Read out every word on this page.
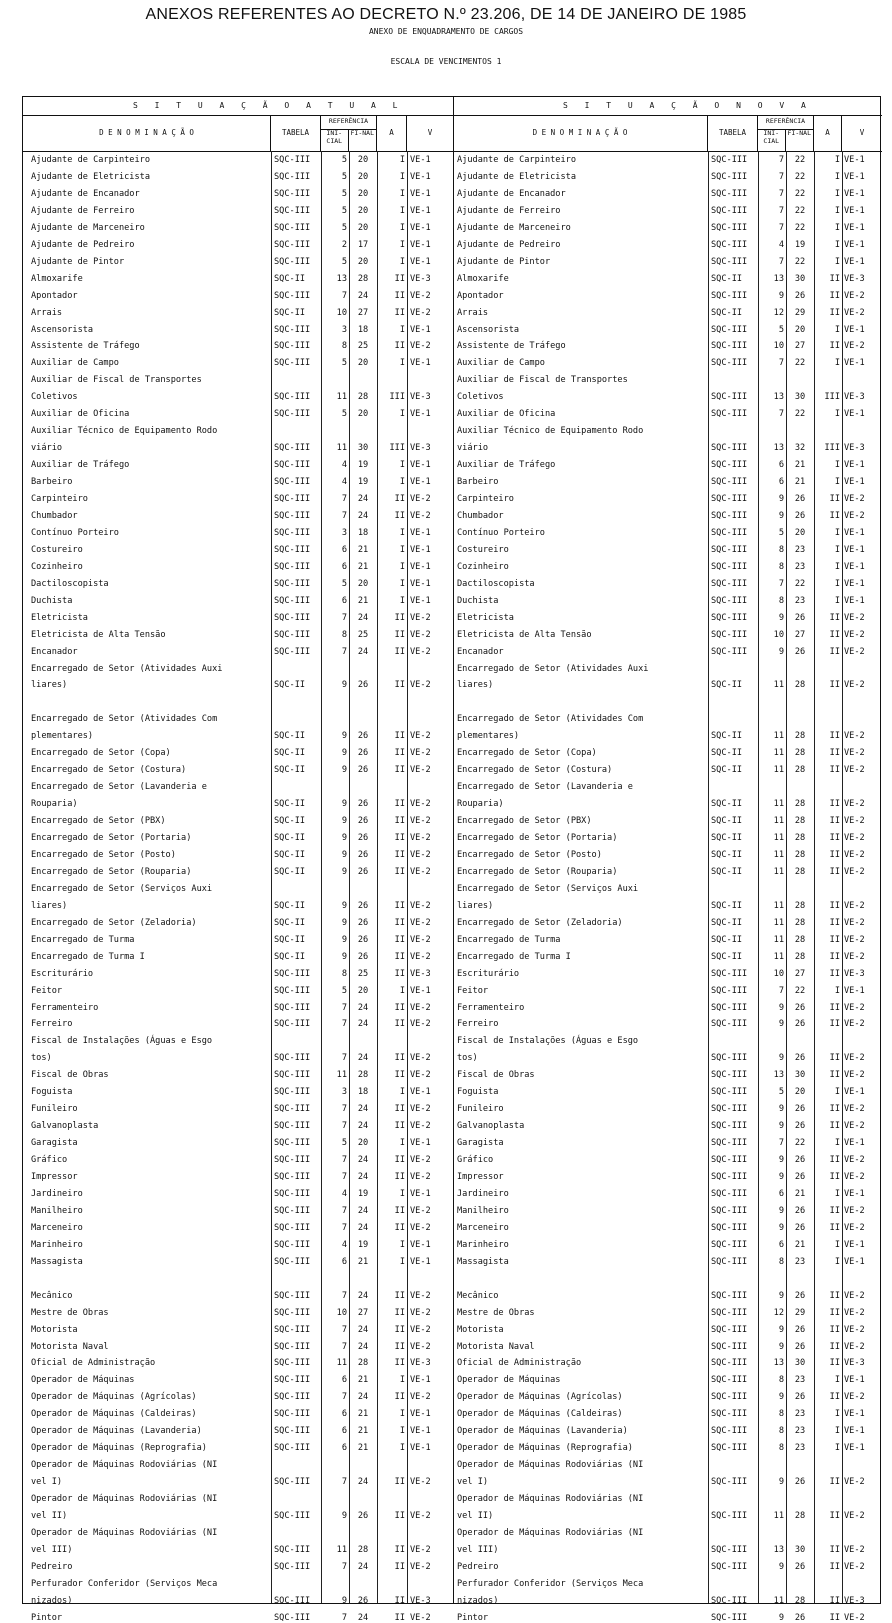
ANEXOS REFERENTES AO DECRETO N.º 23.206, DE 14 DE JANEIRO DE 1985
ANEXO DE ENQUADRAMENTO DE CARGOS
ESCALA DE VENCIMENTOS 1
S I T U A Ç Ã O A T U A L
D E N O M I N A Ç Ã O	TABELA
REFERÊNCIA
INI-CIAL
FI-NAL	A	V
Ajudante de Carpinteiro	SQC-III	5	20	I VE-1
Ajudante de Eletricista	SQC-III	5	20	I VE-1
Ajudante de Encanador	SQC-III	5	20	I VE-1
Ajudante de Ferreiro	SQC-III	5	20	I VE-1
Ajudante de Marceneiro	SQC-III	5	20	I VE-1
Ajudante de Pedreiro	SQC-III	2	17	I VE-1
Ajudante de Pintor	SQC-III	5	20	I VE-1
Almoxarife	SQC-II	13	28	II VE-3
Apontador	SQC-III	7	24	II VE-2
Arrais	SQC-II	10	27	II VE-2
Ascensorista	SQC-III	3	18	I VE-1
Assistente de Tráfego	SQC-III	8	25	II VE-2
Auxiliar de Campo	SQC-III	5	20	I VE-1
Auxiliar de Fiscal de Transportes
Coletivos	SQC-III	11	28	III VE-3
Auxiliar de Oficina	SQC-III	5	20	I VE-1
Auxiliar Técnico de Equipamento Rodo
viário	SQC-III	11	30	III VE-3
Auxiliar de Tráfego	SQC-III	4	19	I VE-1
Barbeiro	SQC-III	4	19	I VE-1
Carpinteiro	SQC-III	7	24	II VE-2
Chumbador	SQC-III	7	24	II VE-2
Contínuo Porteiro	SQC-III	3	18	I VE-1
Costureiro	SQC-III	6	21	I VE-1
Cozinheiro	SQC-III	6	21	I VE-1
Dactiloscopista	SQC-III	5	20	I VE-1
Duchista	SQC-III	6	21	I VE-1
Eletricista	SQC-III	7	24	II VE-2
Eletricista de Alta Tensão	SQC-III	8	25	II VE-2
Encanador	SQC-III	7	24	II VE-2
Encarregado de Setor (Atividades Auxi
liares)	SQC-II	9	26	II VE-2
Encarregado de Setor (Atividades Com
plementares)	SQC-II	9	26	II VE-2
Encarregado de Setor (Copa)	SQC-II	9	26	II VE-2
Encarregado de Setor (Costura)	SQC-II	9	26	II VE-2
Encarregado de Setor (Lavanderia e
Rouparia)	SQC-II	9	26	II VE-2
Encarregado de Setor (PBX)	SQC-II	9	26	II VE-2
Encarregado de Setor (Portaria)	SQC-II	9	26	II VE-2
Encarregado de Setor (Posto)	SQC-II	9	26	II VE-2
Encarregado de Setor (Rouparia)	SQC-II	9	26	II VE-2
Encarregado de Setor (Serviços Auxi
liares)	SQC-II	9	26	II VE-2
Encarregado de Setor (Zeladoria)	SQC-II	9	26	II VE-2
Encarregado de Turma	SQC-II	9	26	II VE-2
Encarregado de Turma I	SQC-II	9	26	II VE-2
Escriturário	SQC-III	8	25	II VE-3
Feitor	SQC-III	5	20	I VE-1
Ferramenteiro	SQC-III	7	24	II VE-2
Ferreiro	SQC-III	7	24	II VE-2
Fiscal de Instalações (Águas e Esgo
tos)	SQC-III	7	24	II VE-2
Fiscal de Obras	SQC-III	11	28	II VE-2
Foguista	SQC-III	3	18	I VE-1
Funileiro	SQC-III	7	24	II VE-2
Galvanoplasta	SQC-III	7	24	II VE-2
Garagista	SQC-III	5	20	I VE-1
Gráfico	SQC-III	7	24	II VE-2
Impressor	SQC-III	7	24	II VE-2
Jardineiro	SQC-III	4	19	I VE-1
Manilheiro	SQC-III	7	24	II VE-2
Marceneiro	SQC-III	7	24	II VE-2
Marinheiro	SQC-III	4	19	I VE-1
Massagista	SQC-III	6	21	I VE-1
Mecânico	SQC-III	7	24	II VE-2
Mestre de Obras	SQC-III	10	27	II VE-2
Motorista	SQC-III	7	24	II VE-2
Motorista Naval	SQC-III	7	24	II VE-2
Oficial de Administração	SQC-III	11	28	II VE-3
Operador de Máquinas	SQC-III	6	21	I VE-1
Operador de Máquinas (Agrícolas)	SQC-III	7	24	II VE-2
Operador de Máquinas (Caldeiras)	SQC-III	6	21	I VE-1
Operador de Máquinas (Lavanderia)	SQC-III	6	21	I VE-1
Operador de Máquinas (Reprografia)	SQC-III	6	21	I VE-1
Operador de Máquinas Rodoviárias (NI
vel I)	SQC-III	7	24	II VE-2
Operador de Máquinas Rodoviárias (NI
vel II)	SQC-III	9	26	II VE-2
Operador de Máquinas Rodoviárias (NI
vel III)	SQC-III	11	28	II VE-2
Pedreiro	SQC-III	7	24	II VE-2
Perfurador Conferidor (Serviços Meca
nizados)	SQC-III	9	26	II VE-3
Pintor	SQC-III	7	24	II VE-2
S I T U A Ç Ã O N O V A
D E N O M I N A Ç Ã O	TABELA
REFERÊNCIA
INI-CIAL
FI-NAL	A	V
Ajudante de Carpinteiro	SQC-III	7	22	I VE-1
Ajudante de Eletricista	SQC-III	7	22	I VE-1
Ajudante de Encanador	SQC-III	7	22	I VE-1
Ajudante de Ferreiro	SQC-III	7	22	I VE-1
Ajudante de Marceneiro	SQC-III	7	22	I VE-1
Ajudante de Pedreiro	SQC-III	4	19	I VE-1
Ajudante de Pintor	SQC-III	7	22	I VE-1
Almoxarife	SQC-II	13	30	II VE-3
Apontador	SQC-III	9	26	II VE-2
Arrais	SQC-II	12	29	II VE-2
Ascensorista	SQC-III	5	20	I VE-1
Assistente de Tráfego	SQC-III	10	27	II VE-2
Auxiliar de Campo	SQC-III	7	22	I VE-1
Auxiliar de Fiscal de Transportes
Coletivos	SQC-III	13	30	III VE-3
Auxiliar de Oficina	SQC-III	7	22	I VE-1
Auxiliar Técnico de Equipamento Rodo
viário	SQC-III	13	32	III VE-3
Auxiliar de Tráfego	SQC-III	6	21	I VE-1
Barbeiro	SQC-III	6	21	I VE-1
Carpinteiro	SQC-III	9	26	II VE-2
Chumbador	SQC-III	9	26	II VE-2
Contínuo Porteiro	SQC-III	5	20	I VE-1
Costureiro	SQC-III	8	23	I VE-1
Cozinheiro	SQC-III	8	23	I VE-1
Dactiloscopista	SQC-III	7	22	I VE-1
Duchista	SQC-III	8	23	I VE-1
Eletricista	SQC-III	9	26	II VE-2
Eletricista de Alta Tensão	SQC-III	10	27	II VE-2
Encanador	SQC-III	9	26	II VE-2
Encarregado de Setor (Atividades Auxi
liares)	SQC-II	11	28	II VE-2
Encarregado de Setor (Atividades Com
plementares)	SQC-II	11	28	II VE-2
Encarregado de Setor (Copa)	SQC-II	11	28	II VE-2
Encarregado de Setor (Costura)	SQC-II	11	28	II VE-2
Encarregado de Setor (Lavanderia e
Rouparia)	SQC-II	11	28	II VE-2
Encarregado de Setor (PBX)	SQC-II	11	28	II VE-2
Encarregado de Setor (Portaria)	SQC-II	11	28	II VE-2
Encarregado de Setor (Posto)	SQC-II	11	28	II VE-2
Encarregado de Setor (Rouparia)	SQC-II	11	28	II VE-2
Encarregado de Setor (Serviços Auxi
liares)	SQC-II	11	28	II VE-2
Encarregado de Setor (Zeladoria)	SQC-II	11	28	II VE-2
Encarregado de Turma	SQC-II	11	28	II VE-2
Encarregado de Turma I	SQC-II	11	28	II VE-2
Escriturário	SQC-III	10	27	II VE-3
Feitor	SQC-III	7	22	I VE-1
Ferramenteiro	SQC-III	9	26	II VE-2
Ferreiro	SQC-III	9	26	II VE-2
Fiscal de Instalações (Águas e Esgo
tos)	SQC-III	9	26	II VE-2
Fiscal de Obras	SQC-III	13	30	II VE-2
Foguista	SQC-III	5	20	I VE-1
Funileiro	SQC-III	9	26	II VE-2
Galvanoplasta	SQC-III	9	26	II VE-2
Garagista	SQC-III	7	22	I VE-1
Gráfico	SQC-III	9	26	II VE-2
Impressor	SQC-III	9	26	II VE-2
Jardineiro	SQC-III	6	21	I VE-1
Manilheiro	SQC-III	9	26	II VE-2
Marceneiro	SQC-III	9	26	II VE-2
Marinheiro	SQC-III	6	21	I VE-1
Massagista	SQC-III	8	23	I VE-1
Mecânico	SQC-III	9	26	II VE-2
Mestre de Obras	SQC-III	12	29	II VE-2
Motorista	SQC-III	9	26	II VE-2
Motorista Naval	SQC-III	9	26	II VE-2
Oficial de Administração	SQC-III	13	30	II VE-3
Operador de Máquinas	SQC-III	8	23	I VE-1
Operador de Máquinas (Agrícolas)	SQC-III	9	26	II VE-2
Operador de Máquinas (Caldeiras)	SQC-III	8	23	I VE-1
Operador de Máquinas (Lavanderia)	SQC-III	8	23	I VE-1
Operador de Máquinas (Reprografia)	SQC-III	8	23	I VE-1
Operador de Máquinas Rodoviárias (NI
vel I)	SQC-III	9	26	II VE-2
Operador de Máquinas Rodoviárias (NI
vel II)	SQC-III	11	28	II VE-2
Operador de Máquinas Rodoviárias (NI
vel III)	SQC-III	13	30	II VE-2
Pedreiro	SQC-III	9	26	II VE-2
Perfurador Conferidor (Serviços Meca
nizados)	SQC-III	11	28	II VE-3
Pintor	SQC-III	9	26	II VE-2
